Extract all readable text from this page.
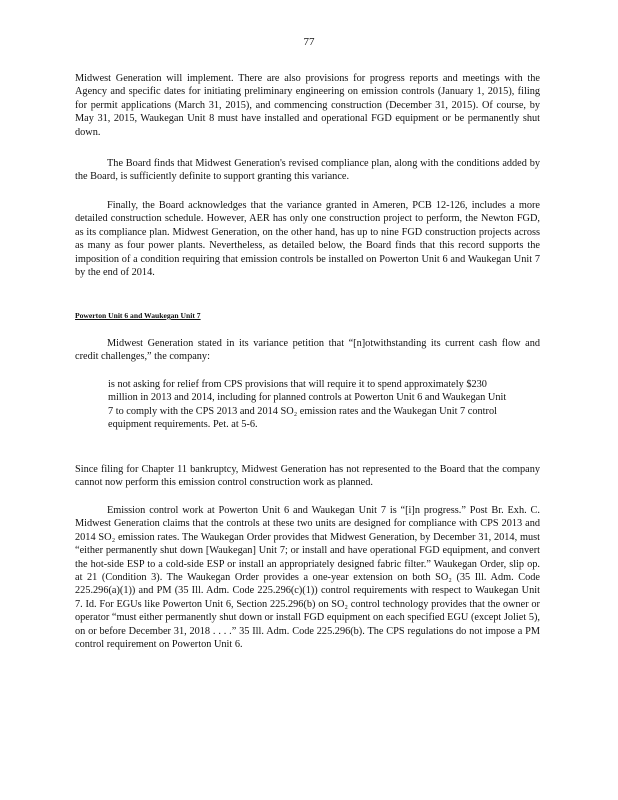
77

Midwest Generation will implement. There are also provisions for progress reports and meetings with the Agency and specific dates for initiating preliminary engineering on emission controls (January 1, 2015), filing for permit applications (March 31, 2015), and commencing construction (December 31, 2015). Of course, by May 31, 2015, Waukegan Unit 8 must have installed and operational FGD equipment or be permanently shut down.

The Board finds that Midwest Generation's revised compliance plan, along with the conditions added by the Board, is sufficiently definite to support granting this variance.

Finally, the Board acknowledges that the variance granted in Ameren, PCB 12-126, includes a more detailed construction schedule. However, AER has only one construction project to perform, the Newton FGD, as its compliance plan. Midwest Generation, on the other hand, has up to nine FGD construction projects across as many as four power plants. Nevertheless, as detailed below, the Board finds that this record supports the imposition of a condition requiring that emission controls be installed on Powerton Unit 6 and Waukegan Unit 7 by the end of 2014.

Powerton Unit 6 and Waukegan Unit 7

Midwest Generation stated in its variance petition that “[n]otwithstanding its current cash flow and credit challenges,” the company:

is not asking for relief from CPS provisions that will require it to spend approximately $230 million in 2013 and 2014, including for planned controls at Powerton Unit 6 and Waukegan Unit 7 to comply with the CPS 2013 and 2014 SO₂ emission rates and the Waukegan Unit 7 control equipment requirements. Pet. at 5-6.

Since filing for Chapter 11 bankruptcy, Midwest Generation has not represented to the Board that the company cannot now perform this emission control construction work as planned.

Emission control work at Powerton Unit 6 and Waukegan Unit 7 is “[i]n progress.” Post Br. Exh. C. Midwest Generation claims that the controls at these two units are designed for compliance with CPS 2013 and 2014 SO₂ emission rates. The Waukegan Order provides that Midwest Generation, by December 31, 2014, must “either permanently shut down [Waukegan] Unit 7; or install and have operational FGD equipment, and convert the hot-side ESP to a cold-side ESP or install an appropriately designed fabric filter.” Waukegan Order, slip op. at 21 (Condition 3). The Waukegan Order provides a one-year extension on both SO₂ (35 Ill. Adm. Code 225.296(a)(1)) and PM (35 Ill. Adm. Code 225.296(c)(1)) control requirements with respect to Waukegan Unit 7. Id. For EGUs like Powerton Unit 6, Section 225.296(b) on SO₂ control technology provides that the owner or operator “must either permanently shut down or install FGD equipment on each specified EGU (except Joliet 5), on or before December 31, 2018 . . . .” 35 Ill. Adm. Code 225.296(b). The CPS regulations do not impose a PM control requirement on Powerton Unit 6.
